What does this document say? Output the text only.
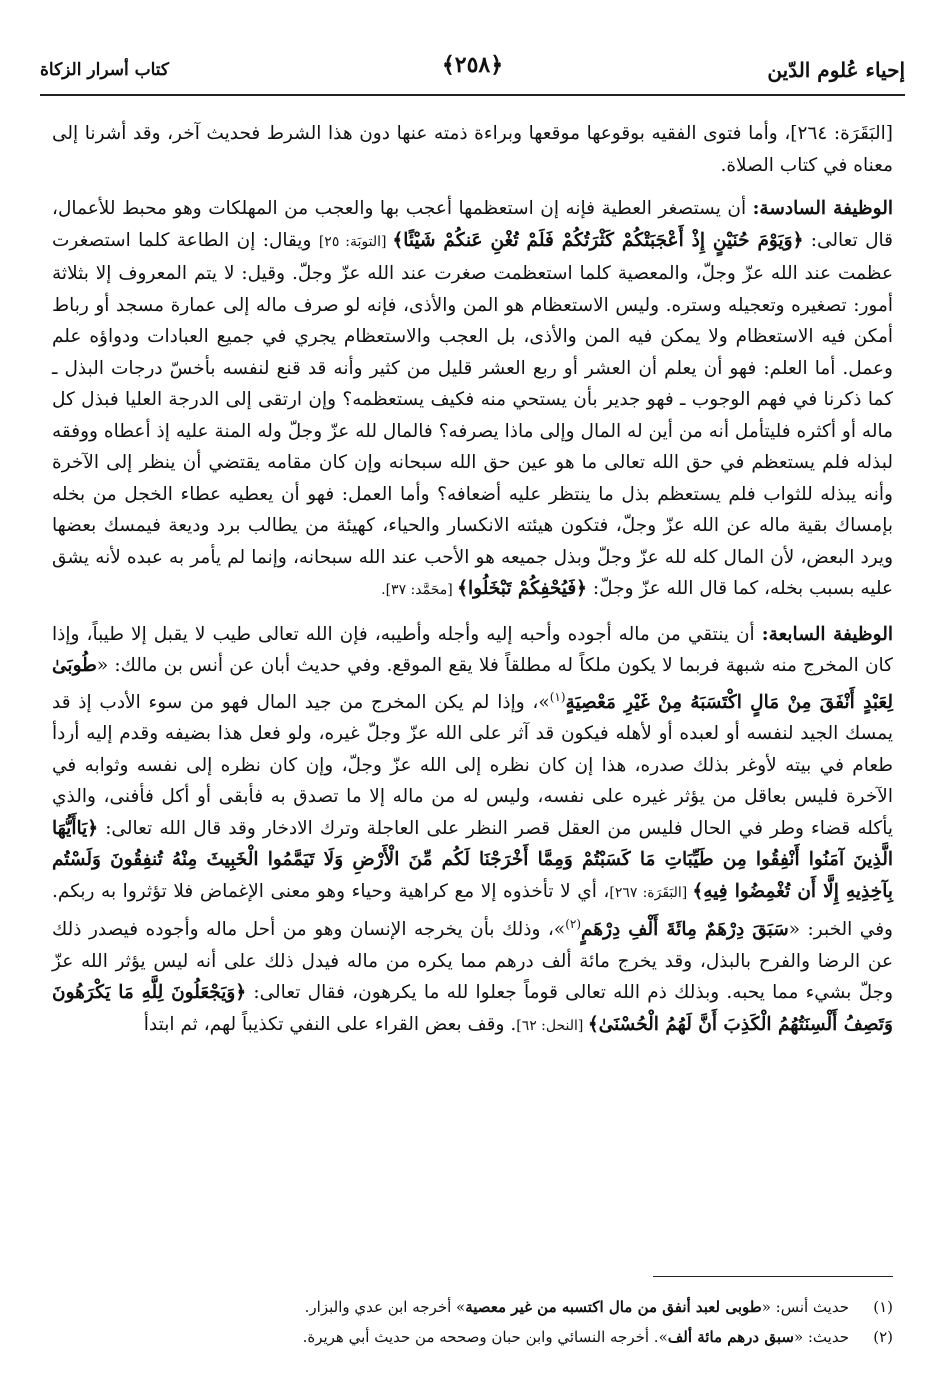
إحياء عُلوم الدّين
﴿٢٥٨﴾
كتاب أسرار الزكاة

[البَقَرَة: ٢٦٤]، وأما فتوى الفقيه بوقوعها موقعها وبراءة ذمته عنها دون هذا الشرط فحديث آخر، وقد أشرنا إلى معناه في كتاب الصلاة.

الوظيفة السادسة: أن يستصغر العطية فإنه إن استعظمها أعجب بها والعجب من المهلكات وهو محبط للأعمال، قال تعالى: ﴿وَيَوْمَ حُنَيْنٍ إِذْ أَعْجَبَتْكُمْ كَثْرَتُكُمْ فَلَمْ تُغْنِ عَنكُمْ شَيْئًا﴾ [التوبَة: ٢٥] ويقال: إن الطاعة كلما استصغرت عظمت عند الله عزّ وجلّ، والمعصية كلما استعظمت صغرت عند الله عزّ وجلّ. وقيل: لا يتم المعروف إلا بثلاثة أمور: تصغيره وتعجيله وستره. وليس الاستعظام هو المن والأذى، فإنه لو صرف ماله إلى عمارة مسجد أو رباط أمكن فيه الاستعظام ولا يمكن فيه المن والأذى، بل العجب والاستعظام يجري في جميع العبادات ودواؤه علم وعمل. أما العلم: فهو أن يعلم أن العشر أو ربع العشر قليل من كثير وأنه قد قنع لنفسه بأخسّ درجات البذل ـ كما ذكرنا في فهم الوجوب ـ فهو جدير بأن يستحي منه فكيف يستعظمه؟ وإن ارتقى إلى الدرجة العليا فبذل كل ماله أو أكثره فليتأمل أنه من أين له المال وإلى ماذا يصرفه؟ فالمال لله عزّ وجلّ وله المنة عليه إذ أعطاه ووفقه لبذله فلم يستعظم في حق الله تعالى ما هو عين حق الله سبحانه وإن كان مقامه يقتضي أن ينظر إلى الآخرة وأنه يبذله للثواب فلم يستعظم بذل ما ينتظر عليه أضعافه؟ وأما العمل: فهو أن يعطيه عطاء الخجل من بخله بإمساك بقية ماله عن الله عزّ وجلّ، فتكون هيئته الانكسار والحياء، كهيئة من يطالب برد وديعة فيمسك بعضها ويرد البعض، لأن المال كله لله عزّ وجلّ وبذل جميعه هو الأحب عند الله سبحانه، وإنما لم يأمر به عبده لأنه يشق عليه بسبب بخله، كما قال الله عزّ وجلّ: ﴿فَيُحْفِكُمْ تَبْخَلُوا﴾ [محَمَّد: ٣٧].

الوظيفة السابعة: أن ينتقي من ماله أجوده وأحبه إليه وأجله وأطيبه، فإن الله تعالى طيب لا يقبل إلا طيباً، وإذا كان المخرج منه شبهة فربما لا يكون ملكاً له مطلقاً فلا يقع الموقع. وفي حديث أبان عن أنس بن مالك: «طُوبَىٰ لِعَبْدٍ أَنْفَقَ مِنْ مَالٍ اكْتَسَبَهُ مِنْ غَيْرِ مَعْصِيَةٍ$^{(١)}$»، وإذا لم يكن المخرج من جيد المال فهو من سوء الأدب إذ قد يمسك الجيد لنفسه أو لعبده أو لأهله فيكون قد آثر على الله عزّ وجلّ غيره، ولو فعل هذا بضيفه وقدم إليه أردأ طعام في بيته لأوغر بذلك صدره، هذا إن كان نظره إلى الله عزّ وجلّ، وإن كان نظره إلى نفسه وثوابه في الآخرة فليس بعاقل من يؤثر غيره على نفسه، وليس له من ماله إلا ما تصدق به فأبقى أو أكل فأفنى، والذي يأكله قضاء وطر في الحال فليس من العقل قصر النظر على العاجلة وترك الادخار وقد قال الله تعالى: ﴿يَاأَيُّهَا الَّذِينَ آمَنُوا أَنْفِقُوا مِن طَيِّبَاتِ مَا كَسَبْتُمْ وَمِمَّا أَخْرَجْنَا لَكُم مِّنَ الْأَرْضِ وَلَا تَيَمَّمُوا الْخَبِيثَ مِنْهُ تُنفِقُونَ وَلَسْتُم بِآخِذِيهِ إِلَّا أَن تُغْمِضُوا فِيهِ﴾ [البَقَرَة: ٢٦٧]، أي لا تأخذوه إلا مع كراهية وحياء وهو معنى الإغماض فلا تؤثروا به ربكم. وفي الخبر: «سَبَقَ دِرْهَمٌ مِائَةَ أَلْفِ دِرْهَمٍ$^{(٢)}$»، وذلك بأن يخرجه الإنسان وهو من أحل ماله وأجوده فيصدر ذلك عن الرضا والفرح بالبذل، وقد يخرج مائة ألف درهم مما يكره من ماله فيدل ذلك على أنه ليس يؤثر الله عزّ وجلّ بشيء مما يحبه. وبذلك ذم الله تعالى قوماً جعلوا لله ما يكرهون، فقال تعالى: ﴿وَيَجْعَلُونَ لِلَّهِ مَا يَكْرَهُونَ وَتَصِفُ أَلْسِنَتُهُمُ الْكَذِبَ أَنَّ لَهُمُ الْحُسْنَىٰ﴾ [النحل: ٦٢]. وقف بعض القراء على النفي تكذيباً لهم، ثم ابتدأ

(١)
حديث أنس: «طوبى لعبد أنفق من مال اكتسبه من غير معصية» أخرجه ابن عدي والبزار.
(٢)
حديث: «سبق درهم مائة ألف». أخرجه النسائي وابن حبان وصححه من حديث أبي هريرة.
